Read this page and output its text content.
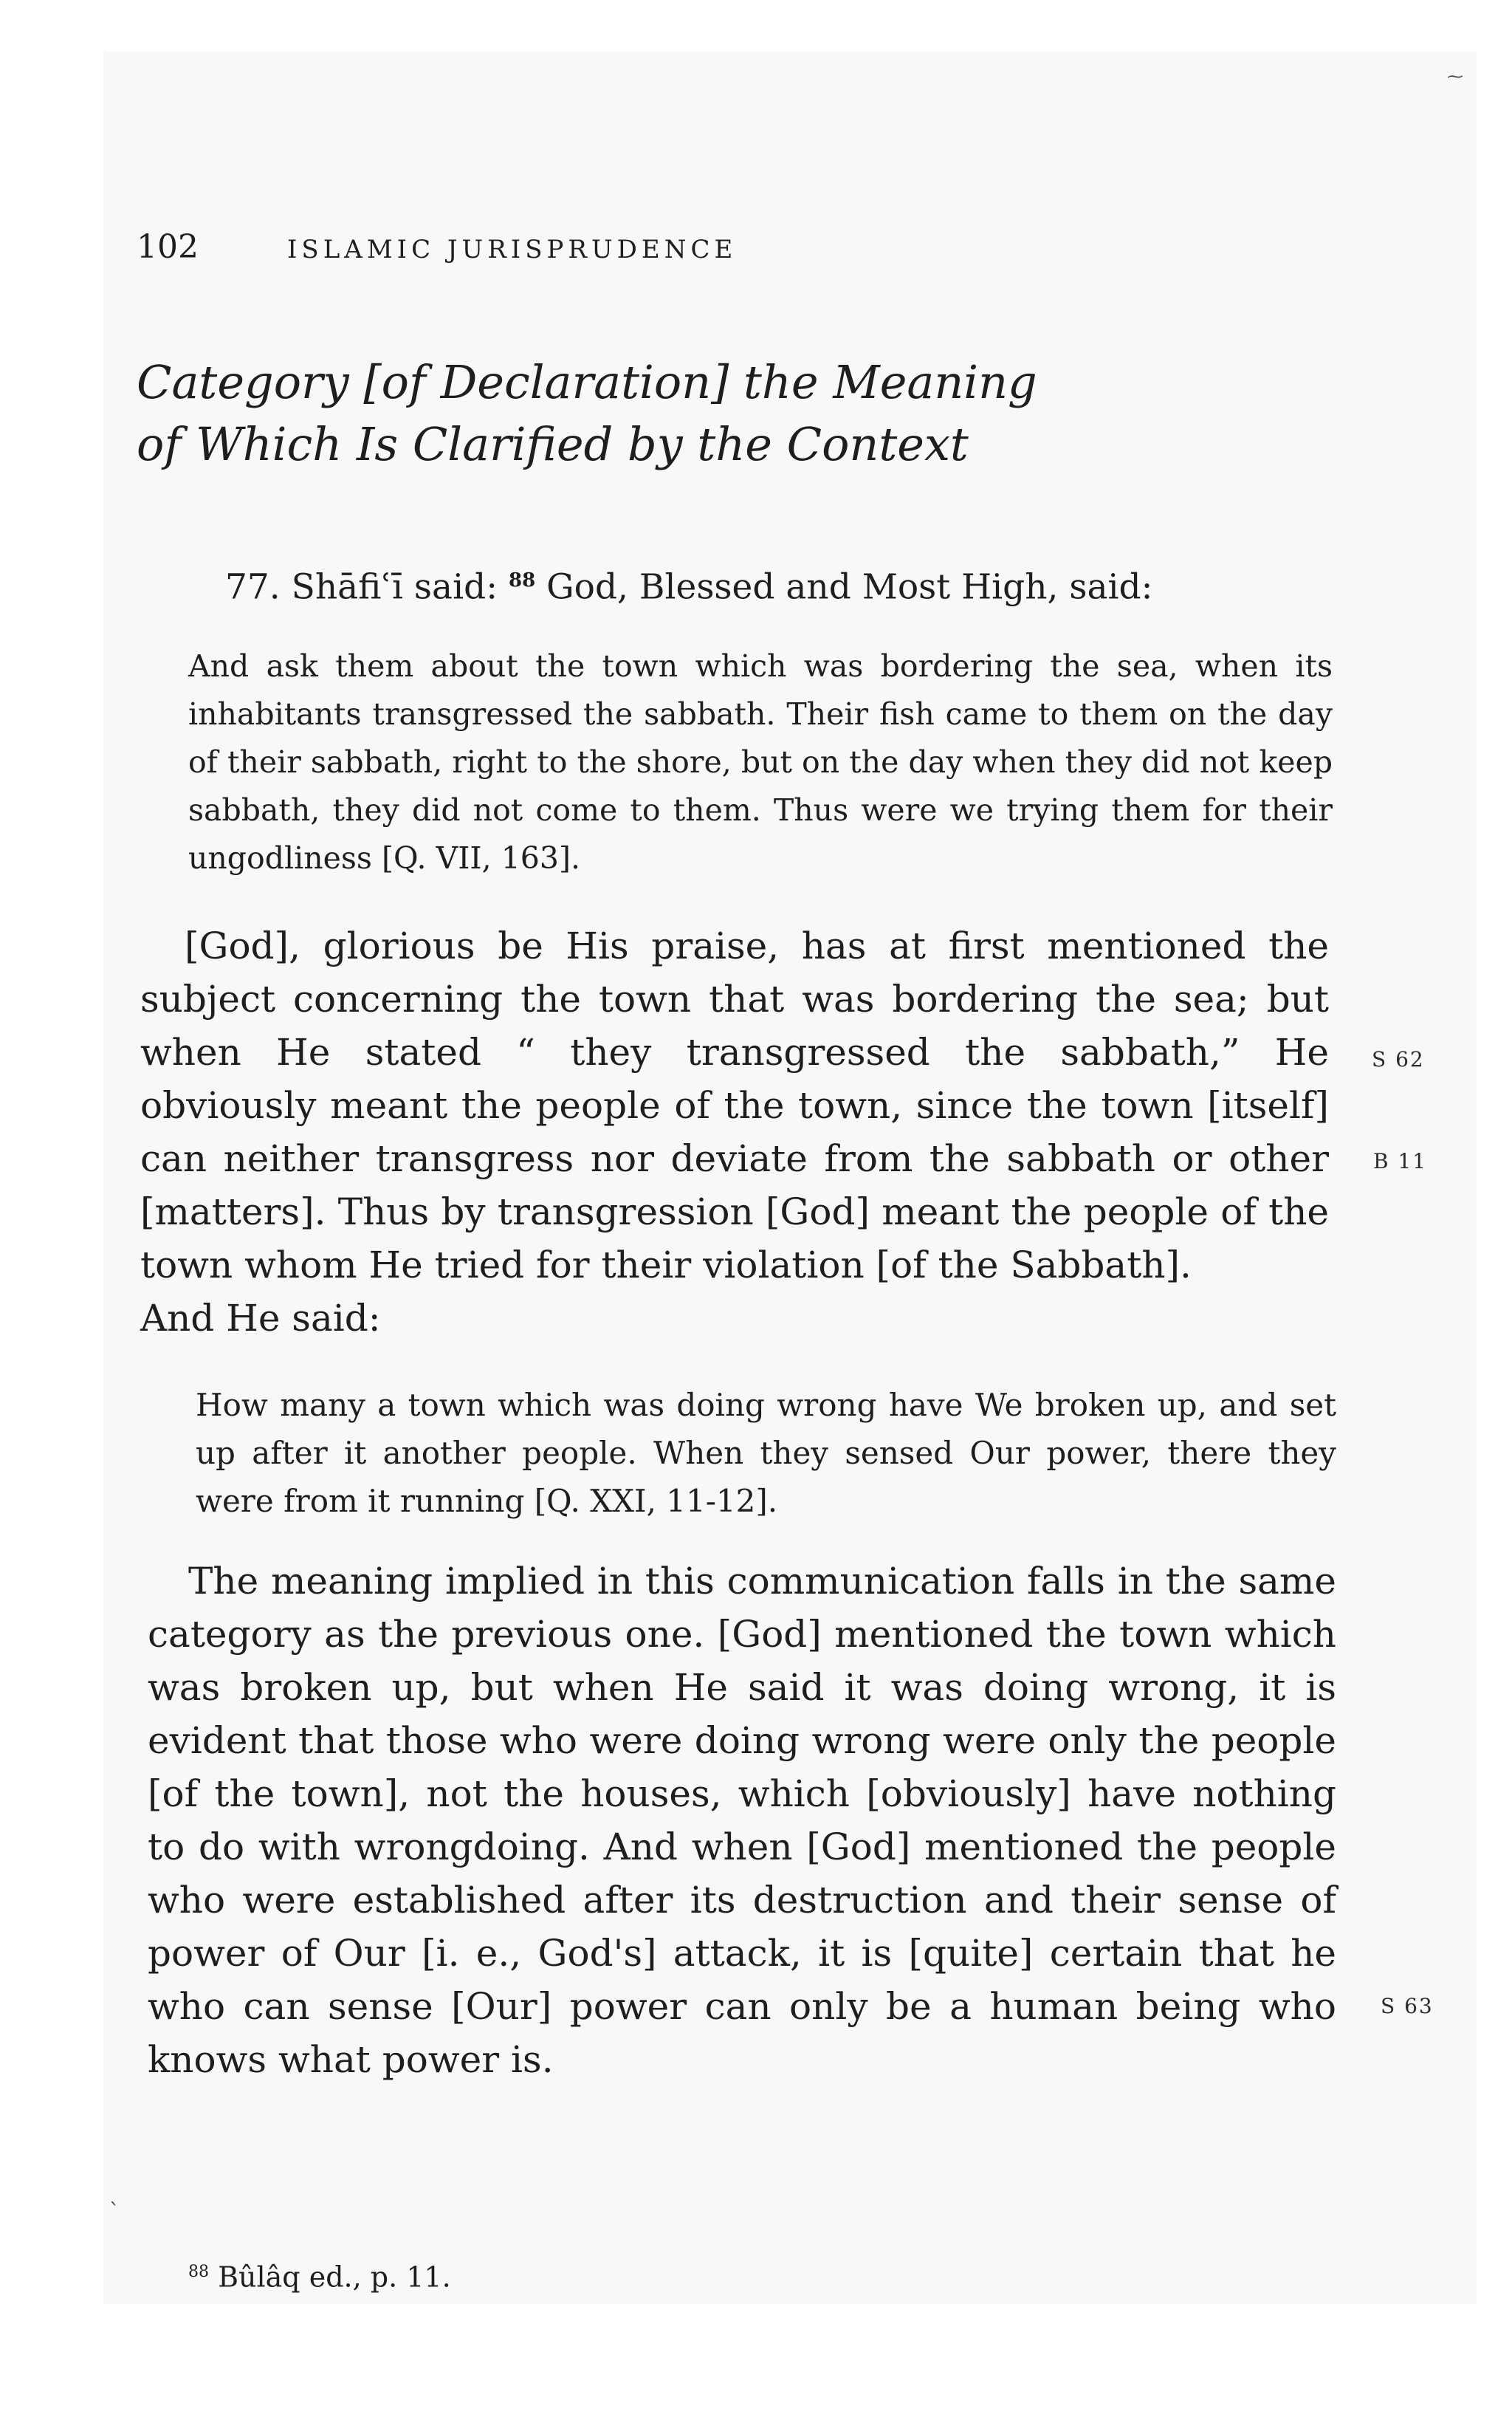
⁓
102	ISLAMIC JURISPRUDENCE
Category [of Declaration] the Meaning
of Which Is Clarified by the Context

77. Shāfiʿī said: $^{88}$ God, Blessed and Most High, said:

And ask them about the town which was bordering the sea, when its inhabitants transgressed the sabbath. Their fish came to them on the day of their sabbath, right to the shore, but on the day when they did not keep sabbath, they did not come to them. Thus were we trying them for their ungodliness [Q. VII, 163].

[God], glorious be His praise, has at first mentioned the subject concerning the town that was bordering the sea; but when He stated “ they transgressed the sabbath,” He obviously meant the people of the town, since the town [itself] can neither transgress nor deviate from the sabbath or other [matters]. Thus by transgression [God] meant the people of the town whom He tried for their violation [of the Sabbath].
And He said:

How many a town which was doing wrong have We broken up, and set up after it another people. When they sensed Our power, there they were from it running [Q. XXI, 11-12].

The meaning implied in this communication falls in the same category as the previous one. [God] mentioned the town which was broken up, but when He said it was doing wrong, it is evident that those who were doing wrong were only the people [of the town], not the houses, which [obviously] have nothing to do with wrongdoing. And when [God] mentioned the people who were established after its destruction and their sense of power of Our [i. e., God's] attack, it is [quite] certain that he who can sense [Our] power can only be a human being who knows what power is.

S 62
B 11
S 63
`
$^{88}$ Bûlâq ed., p. 11.
